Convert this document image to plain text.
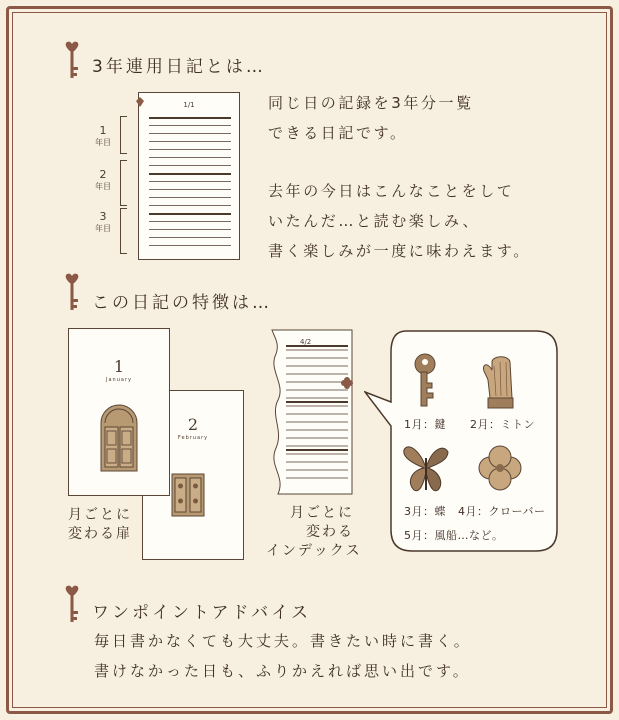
3年連用日記とは…
1/1
1
年目
2
年目
3
年目
同じ日の記録を3年分一覧
できる日記です。
去年の今日はこんなことをして
いたんだ…と読む楽しみ、
書く楽しみが一度に味わえます。
この日記の特徴は…
2
February
1
January
月ごとに
変わる扉
4/2
月ごとに
変わる
インデックス
1月：鍵 2月：ミトン
3月：蝶 4月：クローバー
5月：風船…など。
ワンポイントアドバイス
毎日書かなくても大丈夫。書きたい時に書く。
書けなかった日も、ふりかえれば思い出です。
